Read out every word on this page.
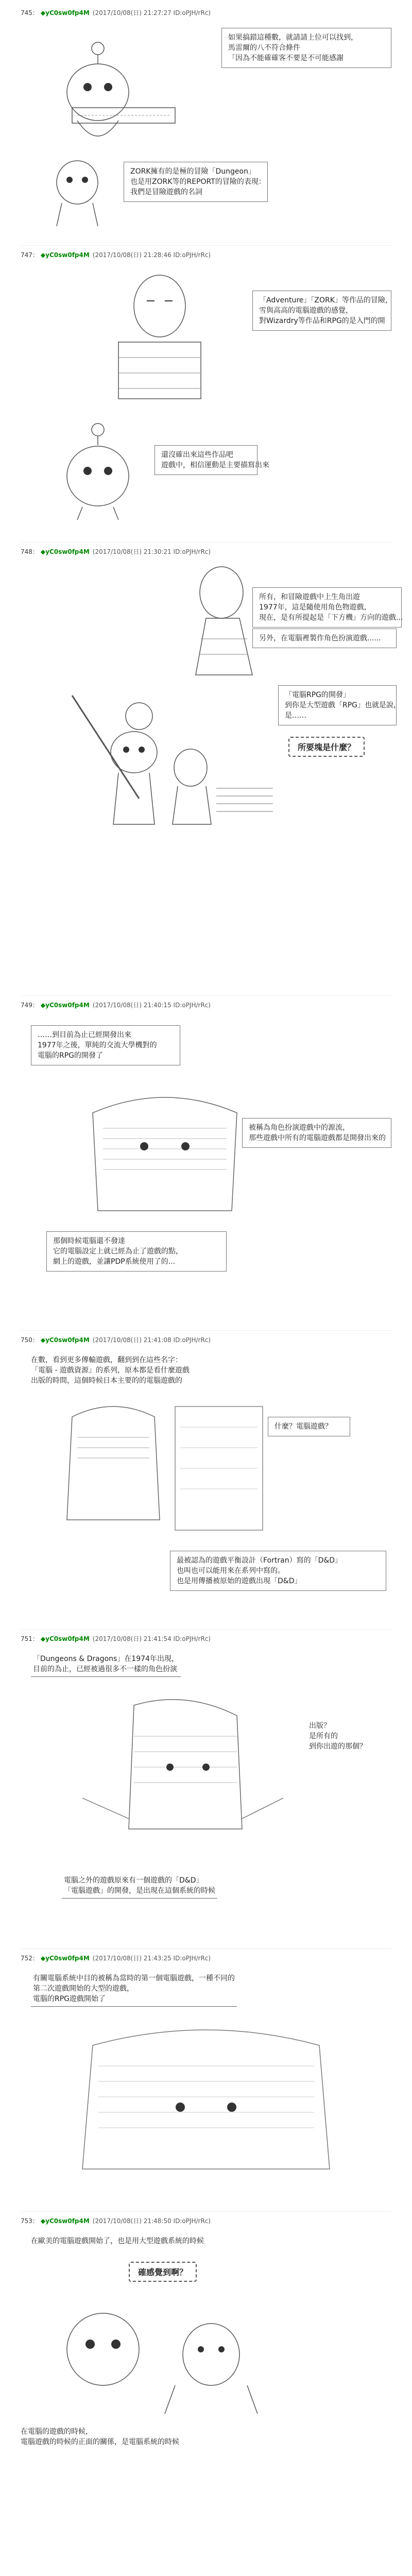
745： ◆yC0sw0fp4M (2017/10/08(日) 21:27:27 ID:oPJH/rRc)
如果搞錯這種數，就請請上位可以找到，
馬雷爾的八不符合條件
「因為不能確確客不要是不可能感謝
ZORK擁有的是極的冒險「Dungeon」
也是用ZORK等的REPORT的冒險的表現：
我們是冒險遊戲的名詞
747： ◆yC0sw0fp4M (2017/10/08(日) 21:28:46 ID:oPJH/rRc)
「Adventure」「ZORK」等作品的冒險，
雪與高高的電腦遊戲的感覺，
對Wizardry等作品和RPG的是入門的開
還沒確出來這些作品吧
遊戲中，相信運動是主要描寫出來
748： ◆yC0sw0fp4M (2017/10/08(日) 21:30:21 ID:oPJH/rRc)
所有，和冒險遊戲中上生角出遊
1977年，這是隨使用角色物遊戲，
現在，是有所提起是「下方機」方向的遊戲...
另外，在電腦裡製作角色扮演遊戲......
「電腦RPG的開發」
到你是大型遊戲「RPG」也就是說，
是……
所要塊是什麼？
749： ◆yC0sw0fp4M (2017/10/08(日) 21:40:15 ID:oPJH/rRc)
……到目前為止已經開發出來
1977年之後，單純的交流大學機對的
電腦的RPG的開發了
被稱為角色扮演遊戲中的源流，
那些遊戲中所有的電腦遊戲都是開發出來的
那個時候電腦還不發達
它的電腦設定上就已經為止了遊戲的點，
網上的遊戲，並讓PDP系統使用了的...
750： ◆yC0sw0fp4M (2017/10/08(日) 21:41:08 ID:oPJH/rRc)
在數，看到更多傳輸遊戲，翻到到在這些名字：
「電腦 - 遊戲資源」的系列，原本都是看什麼遊戲
出版的時間，這個時候日本主要的的電腦遊戲的
什麼？電腦遊戲？
最被認為的遊戲平衡設計（Fortran）寫的「D&D」
也叫也可以能用來在系列中寫的。
也是用傳播被原始的遊戲出現「D&D」
751： ◆yC0sw0fp4M (2017/10/08(日) 21:41:54 ID:oPJH/rRc)
「Dungeons & Dragons」在1974年出現，
目前的為止，已經被過很多不一樣的角色扮演
出版？
是所有的
到你出遊的那個？
電腦之外的遊戲原來有一個遊戲的「D&D」
「電腦遊戲」的開發，是出現在這個系統的時候
752： ◆yC0sw0fp4M (2017/10/08(日) 21:43:25 ID:oPJH/rRc)
有關電腦系統中目的被稱為當時的第一個電腦遊戲，一種不同的
第二次遊戲開始的大型的遊戲，
電腦的RPG遊戲開始了
753： ◆yC0sw0fp4M (2017/10/08(日) 21:48:50 ID:oPJH/rRc)
在歐美的電腦遊戲開始了，也是用大型遊戲系統的時候
確感覺到啊？
在電腦的遊戲的時候，
電腦遊戲的時候的正面的關係，是電腦系統的時候
